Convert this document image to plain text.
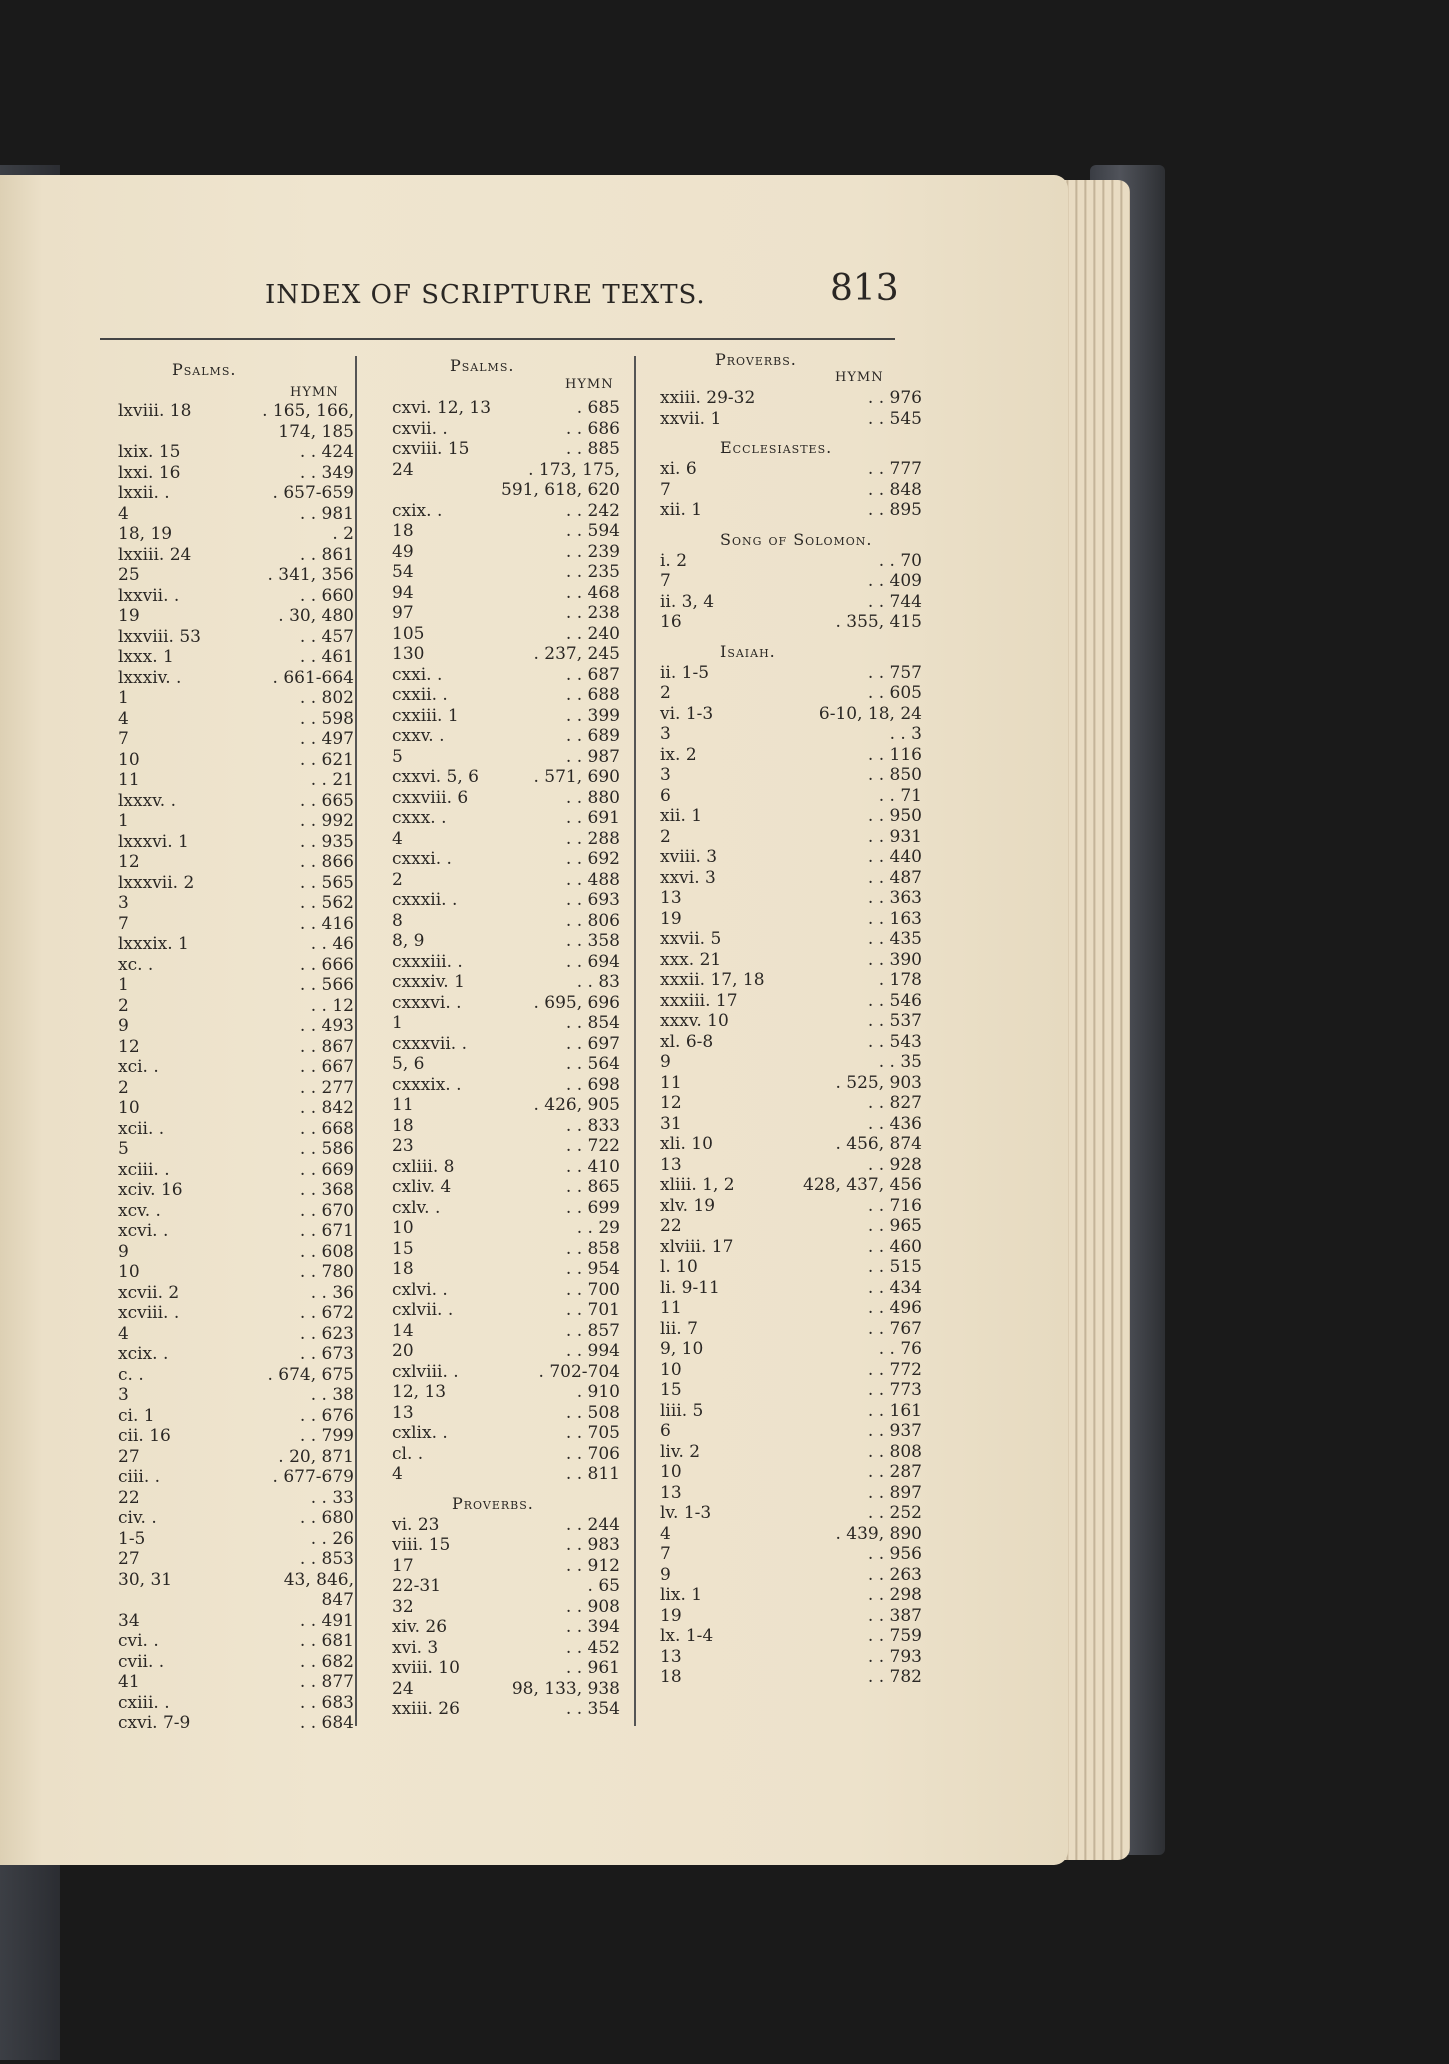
INDEX OF SCRIPTURE TEXTS.	813
Psalms.
HYMN
lxviii. 18	. 165, 166,
174, 185
lxix. 15	. . 424
lxxi. 16	. . 349
lxxii. .	. 657-659
4	. . 981
18, 19	. 2
lxxiii. 24	. . 861
25	. 341, 356
lxxvii. .	. . 660
19	. 30, 480
lxxviii. 53	. . 457
lxxx. 1	. . 461
lxxxiv. .	. 661-664
1	. . 802
4	. . 598
7	. . 497
10	. . 621
11	. . 21
lxxxv. .	. . 665
1	. . 992
lxxxvi. 1	. . 935
12	. . 866
lxxxvii. 2	. . 565
3	. . 562
7	. . 416
lxxxix. 1	. . 46
xc. .	. . 666
1	. . 566
2	. . 12
9	. . 493
12	. . 867
xci. .	. . 667
2	. . 277
10	. . 842
xcii. .	. . 668
5	. . 586
xciii. .	. . 669
xciv. 16	. . 368
xcv. .	. . 670
xcvi. .	. . 671
9	. . 608
10	. . 780
xcvii. 2	. . 36
xcviii. .	. . 672
4	. . 623
xcix. .	. . 673
c. .	. 674, 675
3	. . 38
ci. 1	. . 676
cii. 16	. . 799
27	. 20, 871
ciii. .	. 677-679
22	. . 33
civ. .	. . 680
1-5	. . 26
27	. . 853
30, 31	43, 846,
847
34	. . 491
cvi. .	. . 681
cvii. .	. . 682
41	. . 877
cxiii. .	. . 683
cxvi. 7-9	. . 684
Psalms.
HYMN
cxvi. 12, 13	. 685
cxvii. .	. . 686
cxviii. 15	. . 885
24	. 173, 175,
591, 618, 620
cxix. .	. . 242
18	. . 594
49	. . 239
54	. . 235
94	. . 468
97	. . 238
105	. . 240
130	. 237, 245
cxxi. .	. . 687
cxxii. .	. . 688
cxxiii. 1	. . 399
cxxv. .	. . 689
5	. . 987
cxxvi. 5, 6	. 571, 690
cxxviii. 6	. . 880
cxxx. .	. . 691
4	. . 288
cxxxi. .	. . 692
2	. . 488
cxxxii. .	. . 693
8	. . 806
8, 9	. . 358
cxxxiii. .	. . 694
cxxxiv. 1	. . 83
cxxxvi. .	. 695, 696
1	. . 854
cxxxvii. .	. . 697
5, 6	. . 564
cxxxix. .	. . 698
11	. 426, 905
18	. . 833
23	. . 722
cxliii. 8	. . 410
cxliv. 4	. . 865
cxlv. .	. . 699
10	. . 29
15	. . 858
18	. . 954
cxlvi. .	. . 700
cxlvii. .	. . 701
14	. . 857
20	. . 994
cxlviii. .	. 702-704
12, 13	. 910
13	. . 508
cxlix. .	. . 705
cl. .	. . 706
4	. . 811
Proverbs.
vi. 23	. . 244
viii. 15	. . 983
17	. . 912
22-31	. 65
32	. . 908
xiv. 26	. . 394
xvi. 3	. . 452
xviii. 10	. . 961
24	98, 133, 938
xxiii. 26	. . 354
Proverbs.
HYMN
xxiii. 29-32	. . 976
xxvii. 1	. . 545
Ecclesiastes.
xi. 6	. . 777
7	. . 848
xii. 1	. . 895
Song of Solomon.
i. 2	. . 70
7	. . 409
ii. 3, 4	. . 744
16	. 355, 415
Isaiah.
ii. 1-5	. . 757
2	. . 605
vi. 1-3	6-10, 18, 24
3	. . 3
ix. 2	. . 116
3	. . 850
6	. . 71
xii. 1	. . 950
2	. . 931
xviii. 3	. . 440
xxvi. 3	. . 487
13	. . 363
19	. . 163
xxvii. 5	. . 435
xxx. 21	. . 390
xxxii. 17, 18	. 178
xxxiii. 17	. . 546
xxxv. 10	. . 537
xl. 6-8	. . 543
9	. . 35
11	. 525, 903
12	. . 827
31	. . 436
xli. 10	. 456, 874
13	. . 928
xliii. 1, 2	428, 437, 456
xlv. 19	. . 716
22	. . 965
xlviii. 17	. . 460
l. 10	. . 515
li. 9-11	. . 434
11	. . 496
lii. 7	. . 767
9, 10	. . 76
10	. . 772
15	. . 773
liii. 5	. . 161
6	. . 937
liv. 2	. . 808
10	. . 287
13	. . 897
lv. 1-3	. . 252
4	. 439, 890
7	. . 956
9	. . 263
lix. 1	. . 298
19	. . 387
lx. 1-4	. . 759
13	. . 793
18	. . 782
